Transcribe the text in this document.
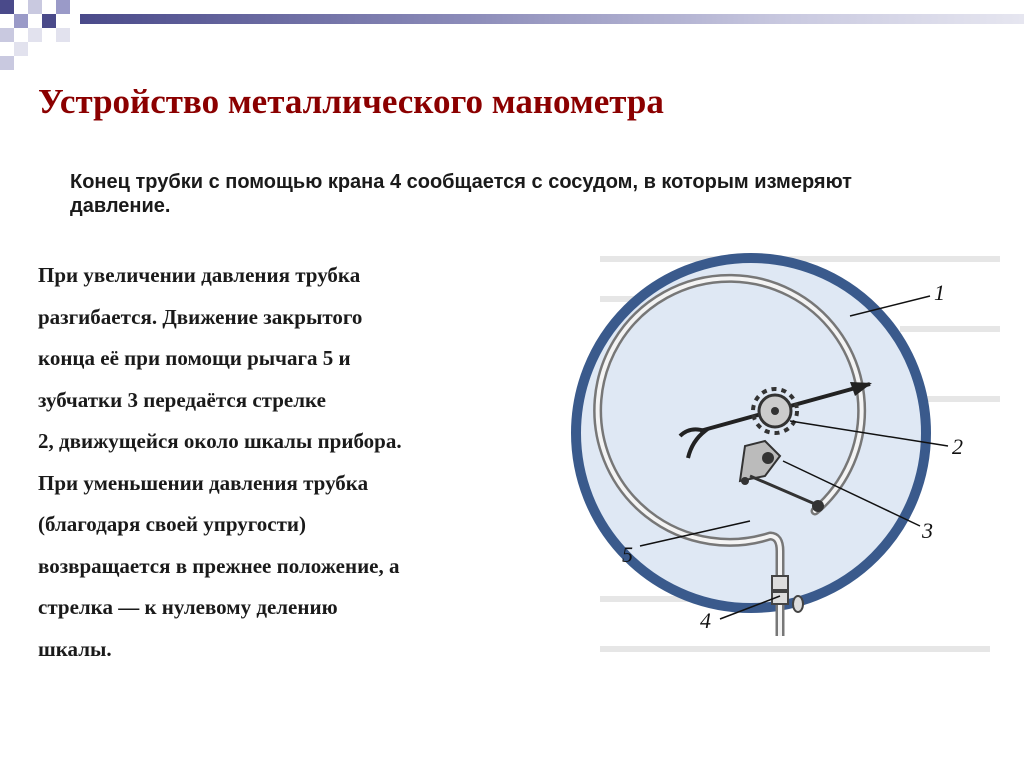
Устройство металлического манометра
Конец трубки с помощью крана 4 сообщается с сосудом, в которым измеряют давление.
При увеличении давления трубка
разгибается. Движение закрытого
конца её при помощи рычага 5 и
зубчатки 3 передаётся стрелке
2, движущейся около шкалы прибора.
При уменьшении давления трубка
(благодаря своей упругости)
возвращается в прежнее положение, а
стрелка — к нулевому делению
шкалы.
1
2
3
5
4
